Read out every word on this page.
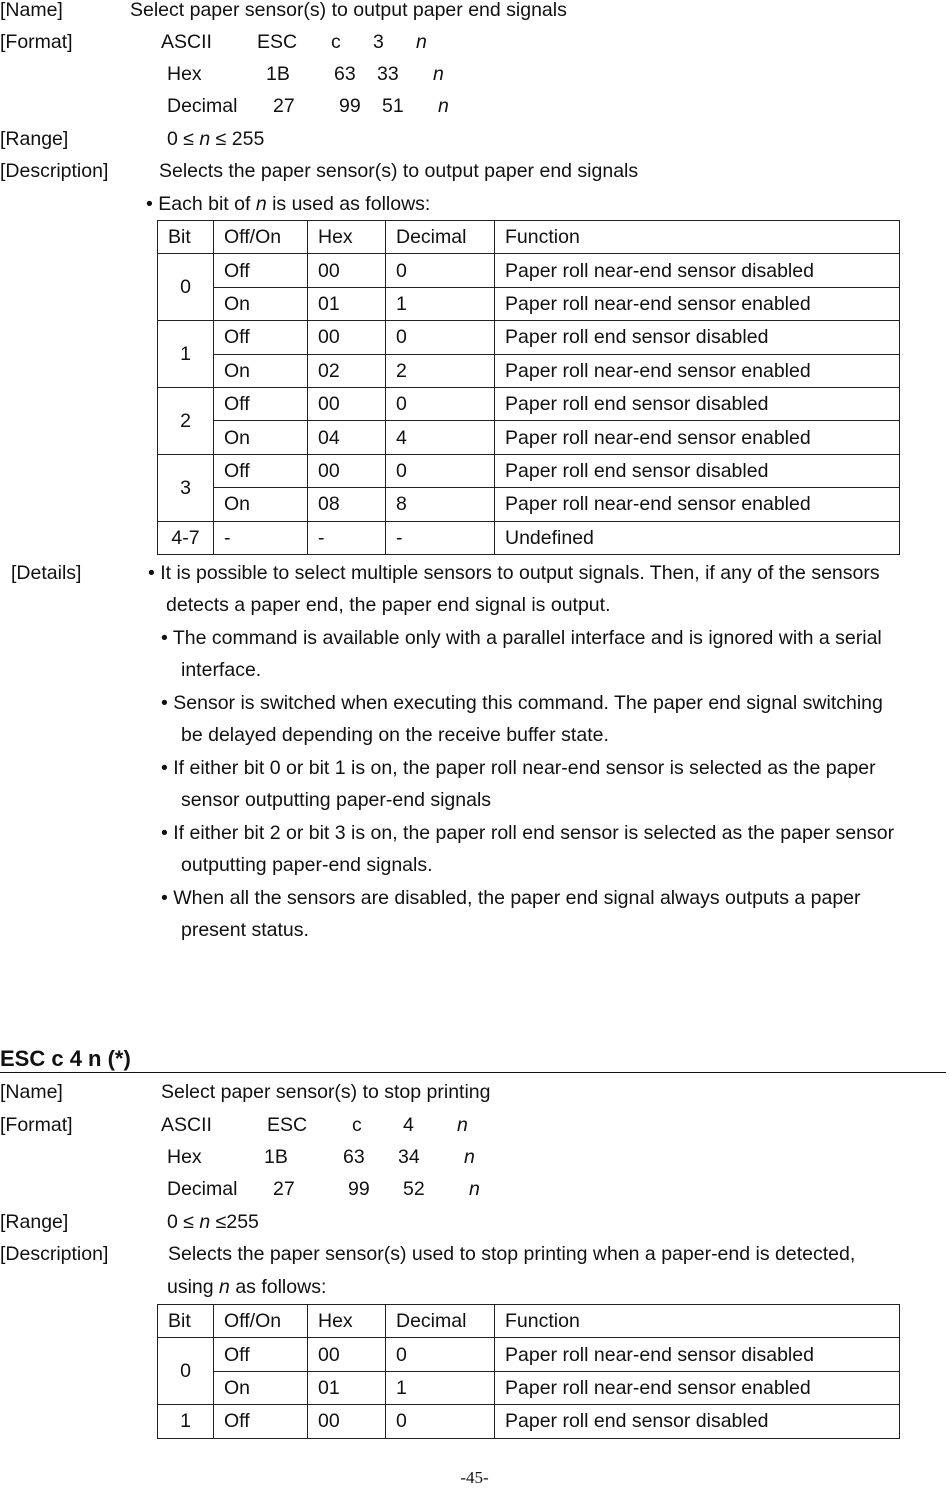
[Name]	Select paper sensor(s) to output paper end signals
[Format]	ASCII ESC c 3 n
Hex	1B 63 33 n
Decimal 27 99 51 n
[Range]	0 ≤ n ≤ 255
[Description]	Selects the paper sensor(s) to output paper end signals
• Each bit of n is used as follows:
Bit	Off/On	Hex	Decimal	Function
0	Off	00	0	Paper roll near-end sensor disabled
	On	01	1	Paper roll near-end sensor enabled
1	Off	00	0	Paper roll end sensor disabled
	On	02	2	Paper roll near-end sensor enabled
2	Off	00	0	Paper roll end sensor disabled
	On	04	4	Paper roll near-end sensor enabled
3	Off	00	0	Paper roll end sensor disabled
	On	08	8	Paper roll near-end sensor enabled
4-7	-	-	-	Undefined
[Details]	• It is possible to select multiple sensors to output signals. Then, if any of the sensors
detects a paper end, the paper end signal is output.
• The command is available only with a parallel interface and is ignored with a serial
interface.
• Sensor is switched when executing this command. The paper end signal switching
be delayed depending on the receive buffer state.
• If either bit 0 or bit 1 is on, the paper roll near-end sensor is selected as the paper
sensor outputting paper-end signals
• If either bit 2 or bit 3 is on, the paper roll end sensor is selected as the paper sensor
outputting paper-end signals.
• When all the sensors are disabled, the paper end signal always outputs a paper
present status.
ESC c 4 n (*)
[Name]	Select paper sensor(s) to stop printing
[Format]	ASCII	ESC c 4 n
Hex	1B	63 34 n
Decimal 27	99 52 n
[Range]	0 ≤ n ≤255
[Description]	Selects the paper sensor(s) used to stop printing when a paper-end is detected,
using n as follows:
Bit	Off/On	Hex	Decimal	Function
0	Off	00	0	Paper roll near-end sensor disabled
	On	01	1	Paper roll near-end sensor enabled
1	Off	00	0	Paper roll end sensor disabled
-45-
